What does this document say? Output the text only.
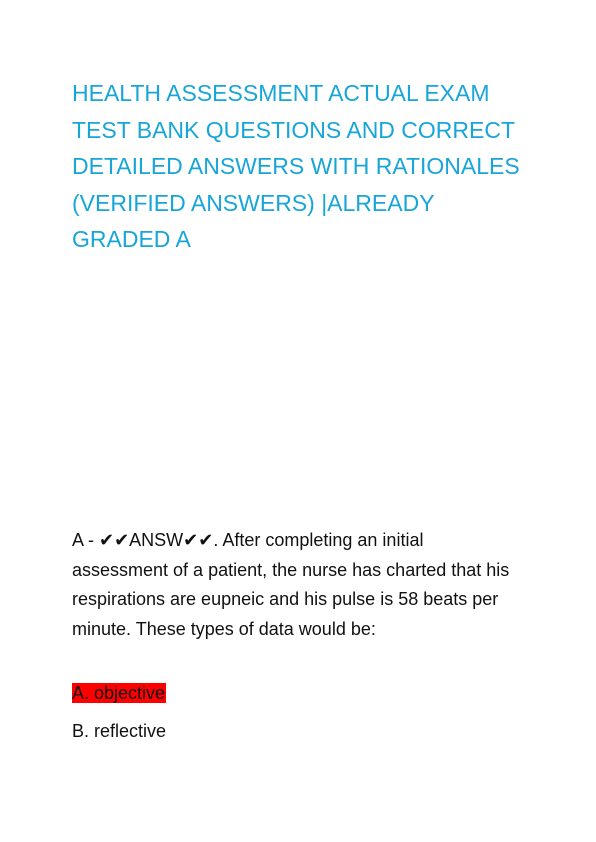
HEALTH ASSESSMENT ACTUAL EXAM TEST BANK QUESTIONS AND CORRECT DETAILED ANSWERS WITH RATIONALES (VERIFIED ANSWERS) |ALREADY GRADED A

A - ✔✔ANSW✔✔. After completing an initial assessment of a patient, the nurse has charted that his respirations are eupneic and his pulse is 58 beats per minute. These types of data would be:

A. objective

B. reflective
